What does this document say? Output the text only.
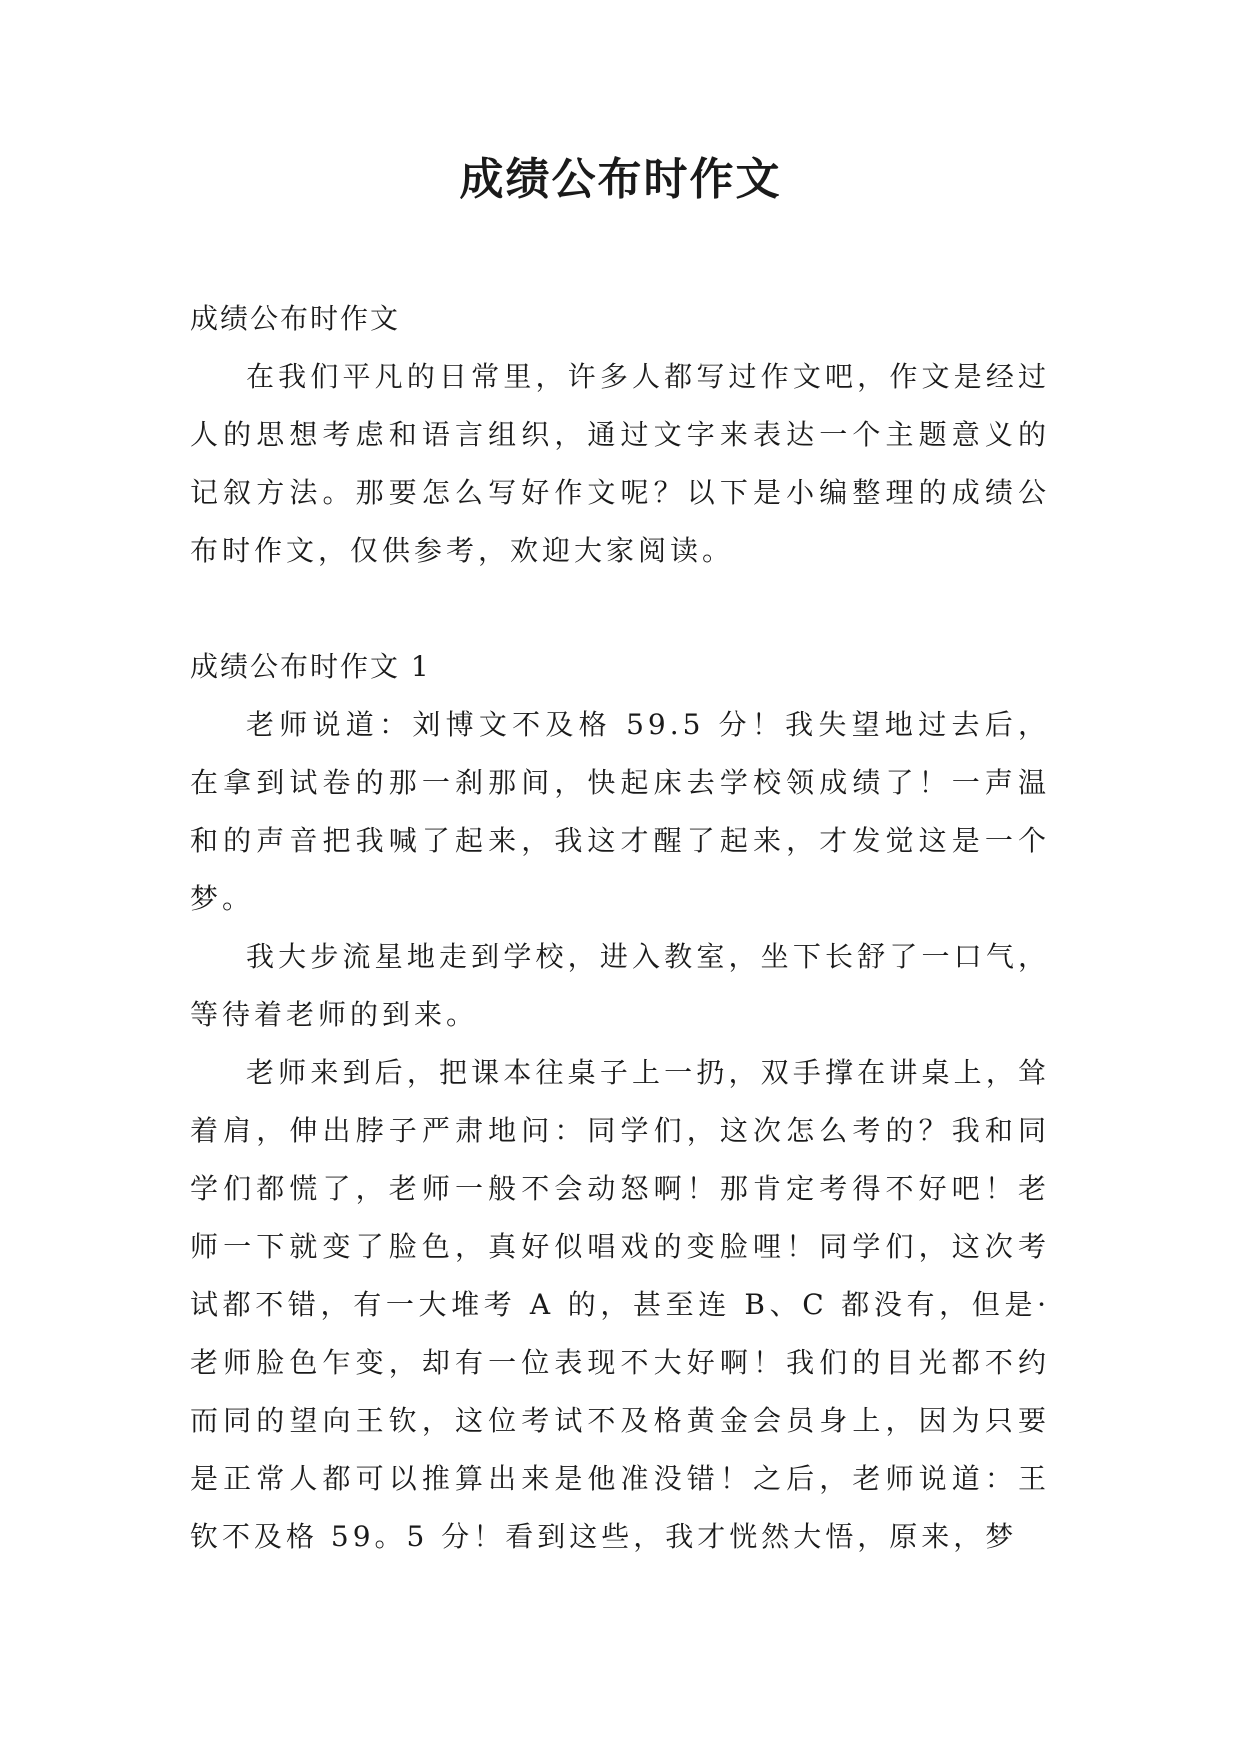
成绩公布时作文

成绩公布时作文

在我们平凡的日常里，许多人都写过作文吧，作文是经过人的思想考虑和语言组织，通过文字来表达一个主题意义的记叙方法。那要怎么写好作文呢？以下是小编整理的成绩公布时作文，仅供参考，欢迎大家阅读。

成绩公布时作文 1

老师说道：刘博文不及格 59.5 分！我失望地过去后，在拿到试卷的那一刹那间，快起床去学校领成绩了！一声温和的声音把我喊了起来，我这才醒了起来，才发觉这是一个梦。

我大步流星地走到学校，进入教室，坐下长舒了一口气，等待着老师的到来。

老师来到后，把课本往桌子上一扔，双手撑在讲桌上，耸着肩，伸出脖子严肃地问：同学们，这次怎么考的？我和同学们都慌了，老师一般不会动怒啊！那肯定考得不好吧！老师一下就变了脸色，真好似唱戏的变脸哩！同学们，这次考试都不错，有一大堆考 A 的，甚至连 B、C 都没有，但是·老师脸色乍变，却有一位表现不大好啊！我们的目光都不约而同的望向王钦，这位考试不及格黄金会员身上，因为只要是正常人都可以推算出来是他准没错！之后，老师说道：王钦不及格 59。5 分！看到这些，我才恍然大悟，原来，梦
